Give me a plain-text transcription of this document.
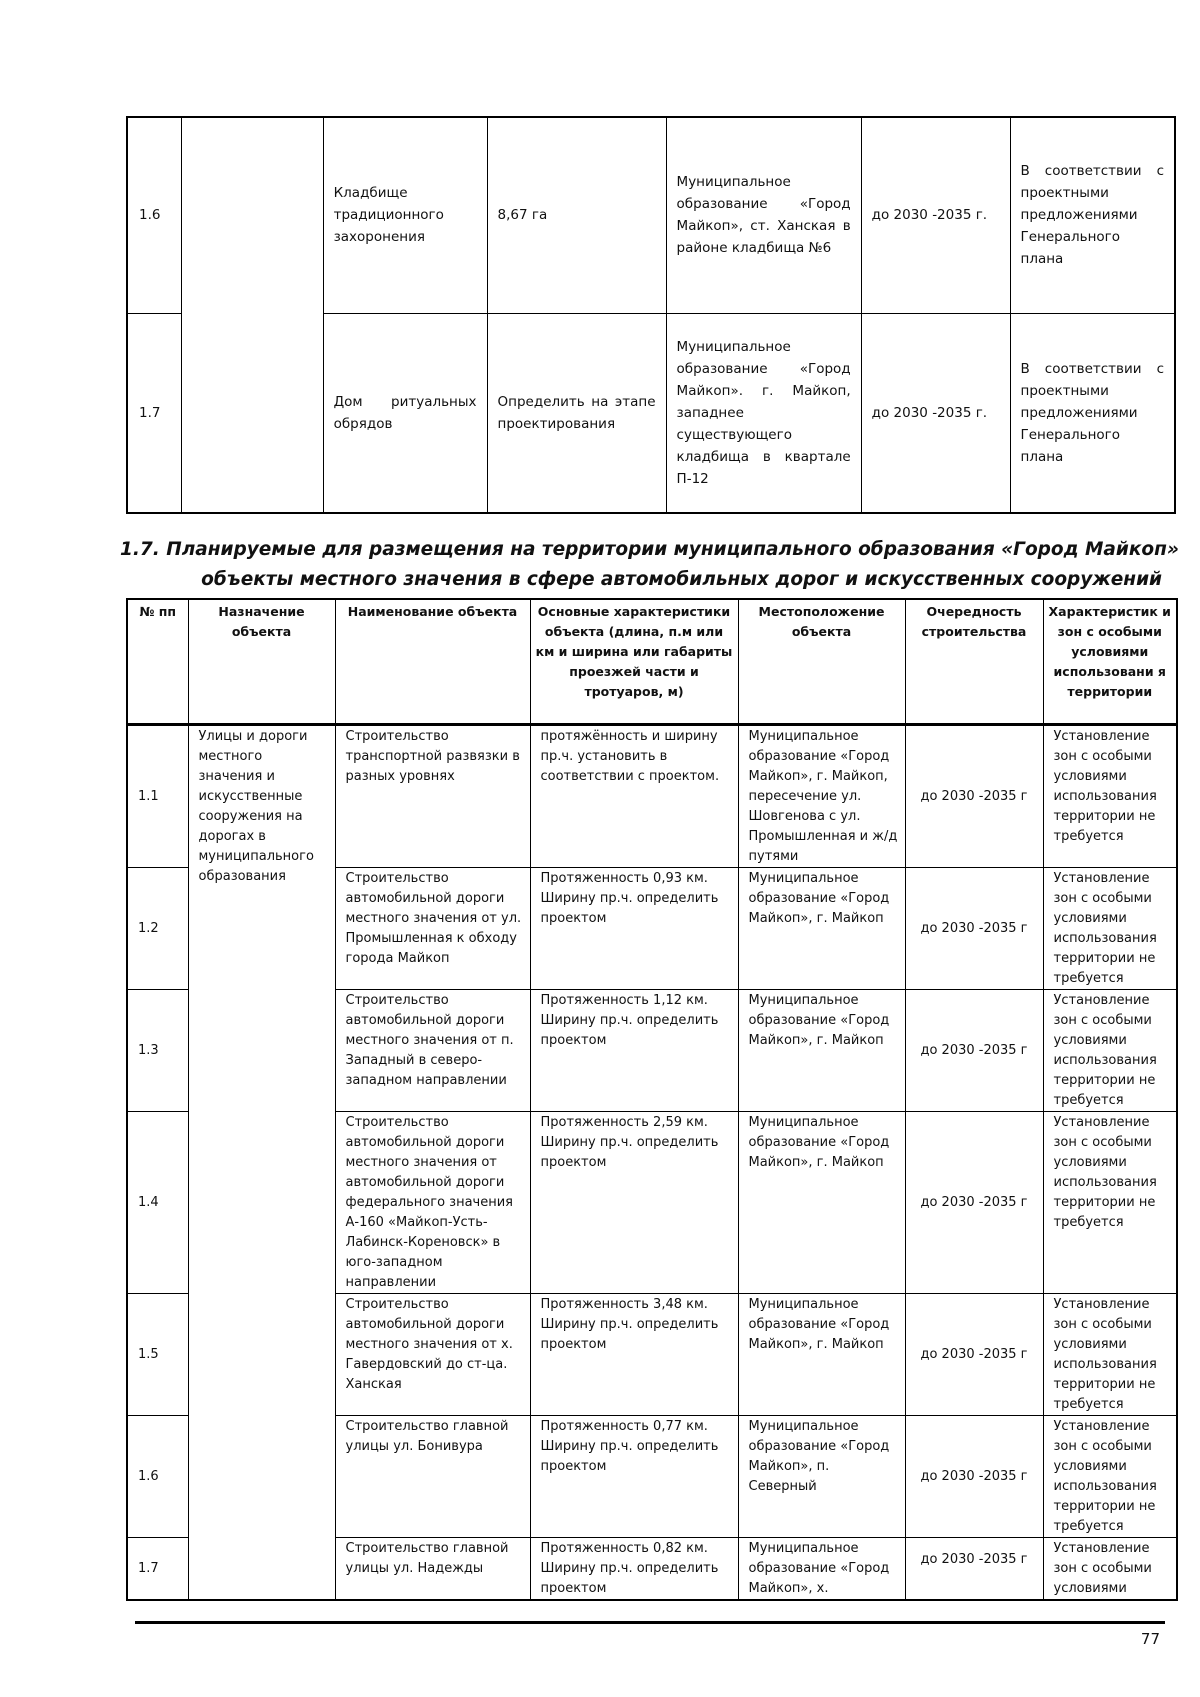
1.6		Кладбище традиционного захоронения	8,67 га	Муниципальное образование «Город Майкоп», ст. Ханская в районе кладбища №6	до 2030 -2035 г.	В соответствии с проектными предложениями Генерального плана
1.7		Дом ритуальных обрядов	Определить на этапе проектирования	Муниципальное образование «Город Майкоп». г. Майкоп, западнее существующего кладбища в квартале П-12	до 2030 -2035 г.	В соответствии с проектными предложениями Генерального плана
1.7. Планируемые для размещения на территории муниципального образования «Город Майкоп»
объекты местного значения в сфере автомобильных дорог и искусственных сооружений
№ пп	Назначение объекта	Наименование объекта	Основные характеристики объекта (длина, п.м или км и ширина или габариты проезжей части и тротуаров, м)	Местоположение объекта	Очередность строительства	Характеристик и зон с особыми условиями использовани я территории
1.1	Улицы и дороги местного значения и искусственные сооружения на дорогах в муниципального образования	Строительство транспортной развязки в разных уровнях	протяжённость и ширину пр.ч. установить в соответствии с проектом.	Муниципальное образование «Город Майкоп», г. Майкоп, пересечение ул. Шовгенова с ул. Промышленная и ж/д путями	до 2030 -2035 г	Установление зон с особыми условиями использования территории не требуется
1.2		Строительство автомобильной дороги местного значения от ул. Промышленная к обходу города Майкоп	Протяженность 0,93 км. Ширину пр.ч. определить проектом	Муниципальное образование «Город Майкоп», г. Майкоп	до 2030 -2035 г	Установление зон с особыми условиями использования территории не требуется
1.3		Строительство автомобильной дороги местного значения от п. Западный в северо-западном направлении	Протяженность 1,12 км. Ширину пр.ч. определить проектом	Муниципальное образование «Город Майкоп», г. Майкоп	до 2030 -2035 г	Установление зон с особыми условиями использования территории не требуется
1.4		Строительство автомобильной дороги местного значения от автомобильной дороги федерального значения А-160 «Майкоп-Усть-Лабинск-Кореновск» в юго-западном направлении	Протяженность 2,59 км. Ширину пр.ч. определить проектом	Муниципальное образование «Город Майкоп», г. Майкоп	до 2030 -2035 г	Установление зон с особыми условиями использования территории не требуется
1.5		Строительство автомобильной дороги местного значения от х. Гавердовский до ст-ца. Ханская	Протяженность 3,48 км. Ширину пр.ч. определить проектом	Муниципальное образование «Город Майкоп», г. Майкоп	до 2030 -2035 г	Установление зон с особыми условиями использования территории не требуется
1.6		Строительство главной улицы ул. Бонивура	Протяженность 0,77 км. Ширину пр.ч. определить проектом	Муниципальное образование «Город Майкоп», п. Северный	до 2030 -2035 г	Установление зон с особыми условиями использования территории не требуется
1.7		Строительство главной улицы ул. Надежды	Протяженность 0,82 км. Ширину пр.ч. определить проектом	Муниципальное образование «Город Майкоп», х.	до 2030 -2035 г	Установление зон с особыми условиями
77
